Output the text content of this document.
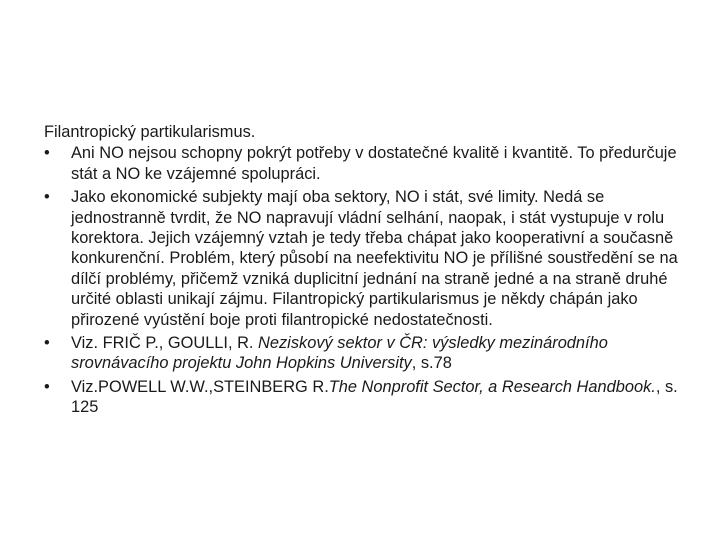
Filantropický partikularismus.
• Ani NO nejsou schopny pokrýt potřeby v dostatečné kvalitě i kvantitě. To předurčuje stát a NO ke vzájemné spolupráci.
• Jako ekonomické subjekty mají oba sektory, NO i stát, své limity. Nedá se jednostranně tvrdit, že NO napravují vládní selhání, naopak, i stát vystupuje v rolu korektora. Jejich vzájemný vztah je tedy třeba chápat jako kooperativní a současně konkurenční. Problém, který působí na neefektivitu NO je přílišné soustředění se na dílčí problémy, přičemž vzniká duplicitní jednání na straně jedné a na straně druhé určité oblasti unikají zájmu. Filantropický partikularismus je někdy chápán jako přirozené vyústění boje proti filantropické nedostatečnosti.
• Viz. FRIČ P., GOULLI, R. Neziskový sektor v ČR: výsledky mezinárodního srovnávacího projektu John Hopkins University, s.78
• Viz.POWELL W.W.,STEINBERG R.The Nonprofit Sector, a Research Handbook., s. 125
